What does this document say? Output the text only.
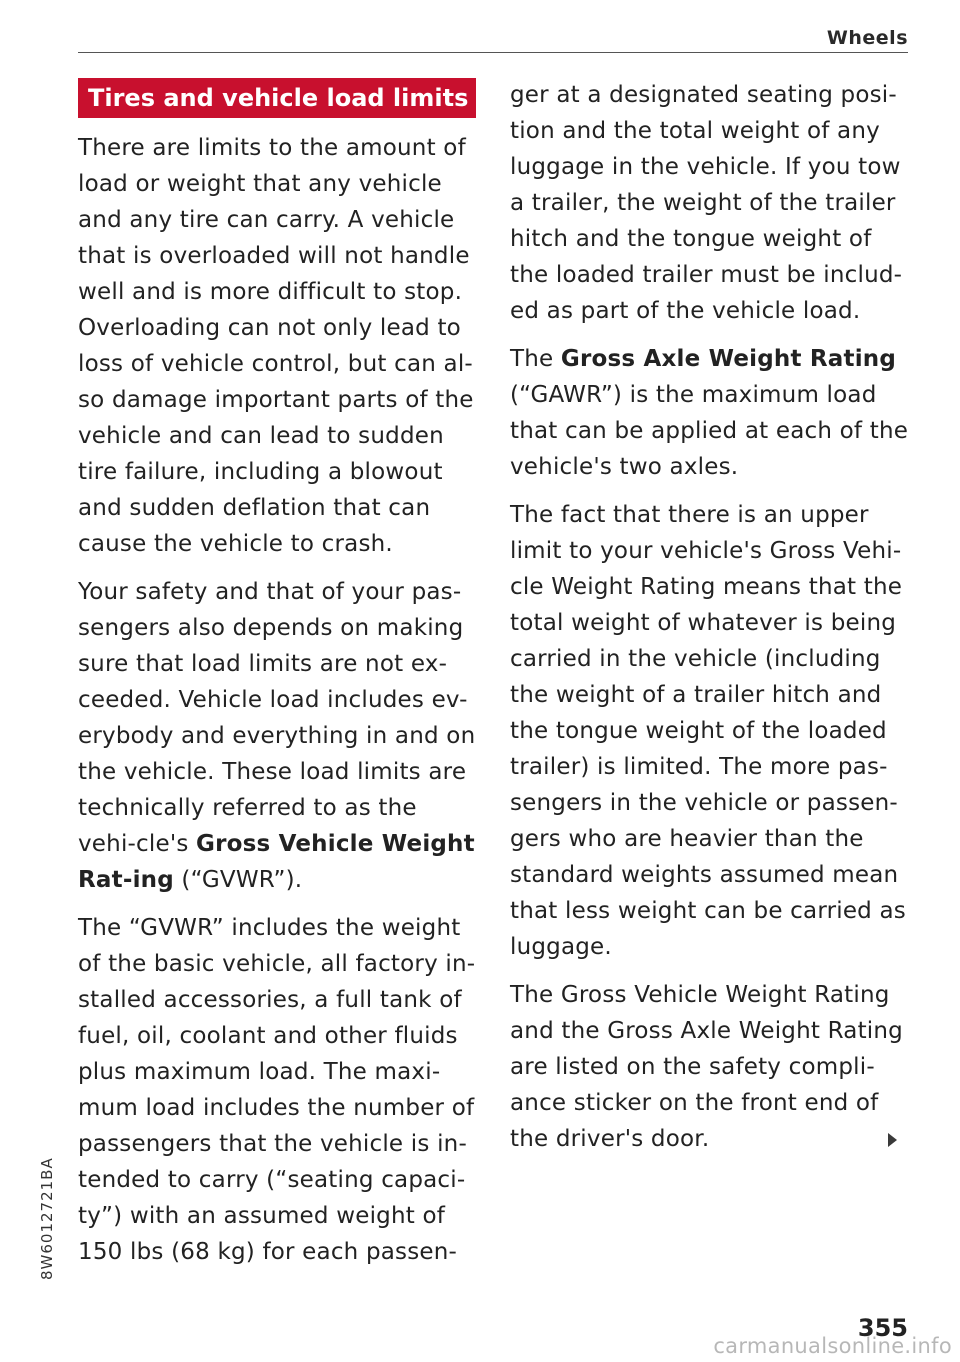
Wheels
Tires and vehicle load limits

There are limits to the amount of load or weight that any vehicle and any tire can carry. A vehicle that is overloaded will not handle well and is more difficult to stop. Overloading can not only lead to loss of vehicle control, but can al-so damage important parts of the vehicle and can lead to sudden tire failure, including a blowout and sudden deflation that can cause the vehicle to crash.

Your safety and that of your pas-sengers also depends on making sure that load limits are not ex-ceeded. Vehicle load includes ev-erybody and everything in and on the vehicle. These load limits are technically referred to as the vehi-cle's Gross Vehicle Weight Rat-ing (“GVWR”).

The “GVWR” includes the weight of the basic vehicle, all factory in-stalled accessories, a full tank of fuel, oil, coolant and other fluids plus maximum load. The maxi-mum load includes the number of passengers that the vehicle is in-tended to carry (“seating capaci-ty”) with an assumed weight of 150 lbs (68 kg) for each passen-

ger at a designated seating posi-tion and the total weight of any luggage in the vehicle. If you tow a trailer, the weight of the trailer hitch and the tongue weight of the loaded trailer must be includ-ed as part of the vehicle load.

The Gross Axle Weight Rating (“GAWR”) is the maximum load that can be applied at each of the vehicle's two axles.

The fact that there is an upper limit to your vehicle's Gross Vehi-cle Weight Rating means that the total weight of whatever is being carried in the vehicle (including the weight of a trailer hitch and the tongue weight of the loaded trailer) is limited. The more pas-sengers in the vehicle or passen-gers who are heavier than the standard weights assumed mean that less weight can be carried as luggage.

The Gross Vehicle Weight Rating and the Gross Axle Weight Rating are listed on the safety compli-ance sticker on the front end of the driver's door.

8W6012721BA
355
carmanualsonline.info
